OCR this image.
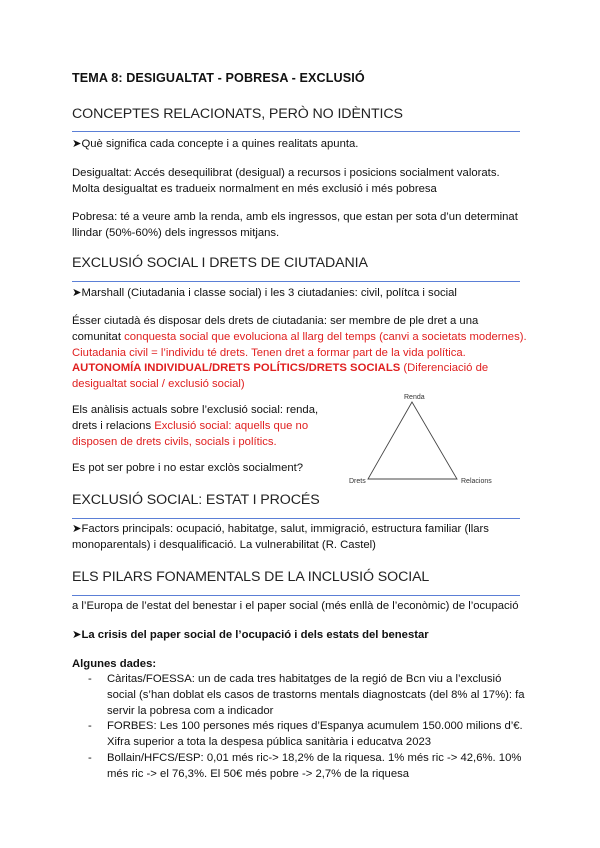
TEMA 8: DESIGUALTAT - POBRESA - EXCLUSIÓ
CONCEPTES RELACIONATS, PERÒ NO IDÈNTICS
➤Què significa cada concepte i a quines realitats apunta.
Desigualtat: Accés desequilibrat (desigual) a recursos i posicions socialment valorats. Molta desigualtat es tradueix normalment en més exclusió i més pobresa
Pobresa: té a veure amb la renda, amb els ingressos, que estan per sota d’un determinat llindar (50%-60%) dels ingressos mitjans.
EXCLUSIÓ SOCIAL I DRETS DE CIUTADANIA
➤Marshall (Ciutadania i classe social) i les 3 ciutadanies: civil, polítca i social
Ésser ciutadà és disposar dels drets de ciutadania: ser membre de ple dret a una comunitat conquesta social que evoluciona al llarg del temps (canvi a societats modernes). Ciutadania civil = l’individu té drets. Tenen dret a formar part de la vida política. AUTONOMÍA INDIVIDUAL/DRETS POLÍTICS/DRETS SOCIALS (Diferenciació de desigualtat social / exclusió social)
Els anàlisis actuals sobre l’exclusió social: renda, drets i relacions Exclusió social: aquells que no disposen de drets civils, socials i polítics.
Es pot ser pobre i no estar exclòs socialment?
Renda
Drets	Relacions
EXCLUSIÓ SOCIAL: ESTAT I PROCÉS
➤Factors principals: ocupació, habitatge, salut, immigració, estructura familiar (llars monoparentals) i desqualificació. La vulnerabilitat (R. Castel)
ELS PILARS FONAMENTALS DE LA INCLUSIÓ SOCIAL
a l’Europa de l’estat del benestar i el paper social (més enllà de l’econòmic) de l’ocupació
➤La crisis del paper social de l’ocupació i dels estats del benestar
Algunes dades:
- Càritas/FOESSA: un de cada tres habitatges de la regió de Bcn viu a l’exclusió social (s’han doblat els casos de trastorns mentals diagnostcats (del 8% al 17%): fa servir la pobresa com a indicador
- FORBES: Les 100 persones més riques d’Espanya acumulem 150.000 milions d’€. Xifra superior a tota la despesa pública sanitària i educatva 2023
- Bollain/HFCS/ESP: 0,01 més ric-> 18,2% de la riquesa. 1% més ric -> 42,6%. 10% més ric -> el 76,3%. El 50€ més pobre -> 2,7% de la riquesa
